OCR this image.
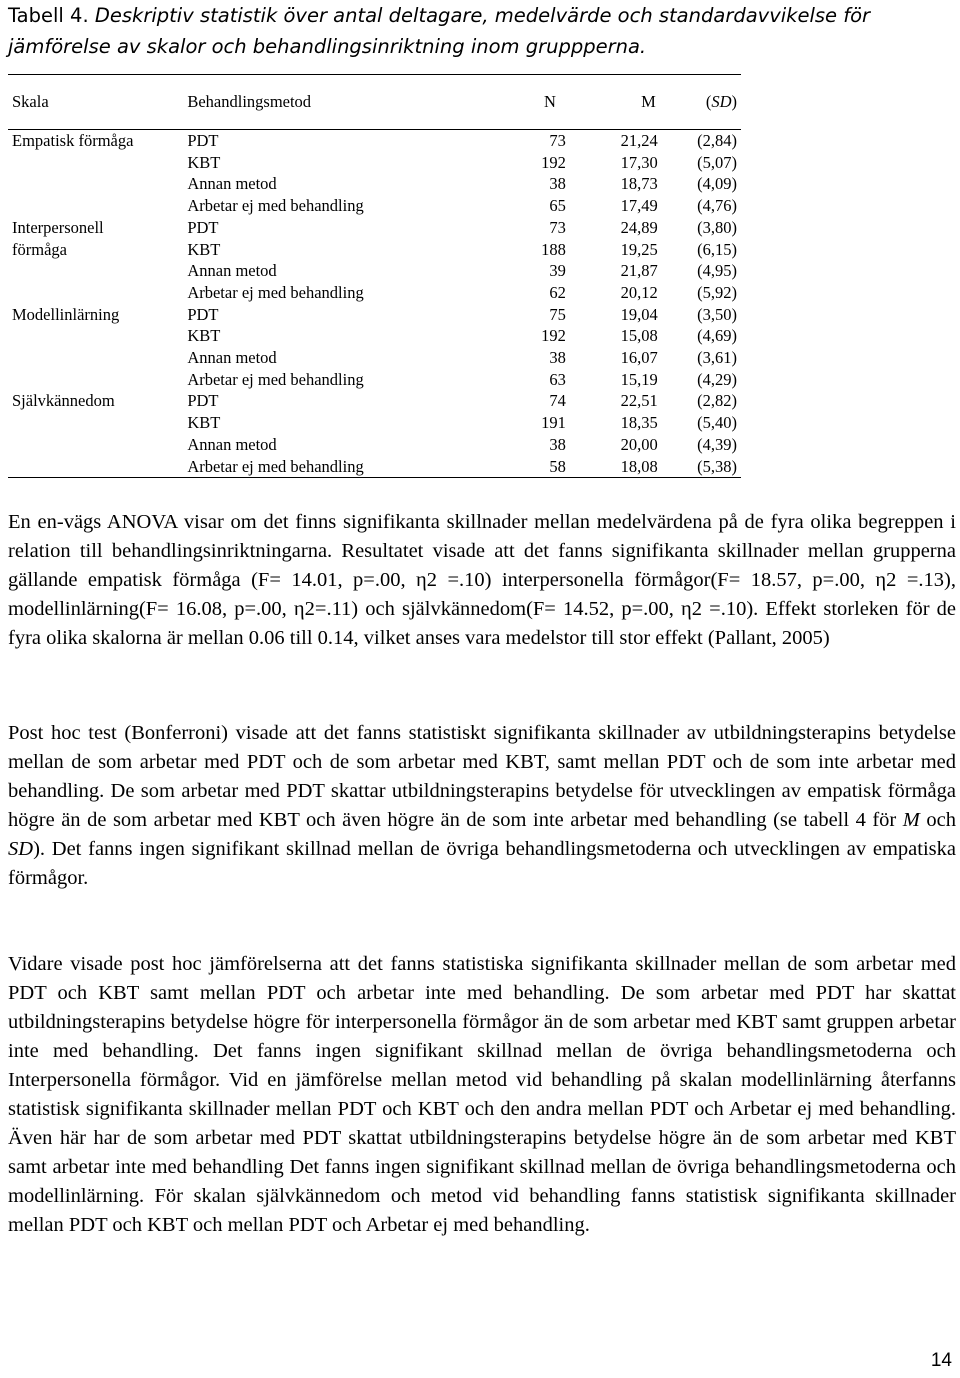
Tabell 4. Deskriptiv statistik över antal deltagare, medelvärde och standardavvikelse för jämförelse av skalor och behandlingsinriktning inom gruppperna.
Skala	Behandlingsmetod	N	M	(SD)
Empatisk förmåga	PDT	73	21,24	(2,84)
	KBT	192	17,30	(5,07)
	Annan metod	38	18,73	(4,09)
	Arbetar ej med behandling	65	17,49	(4,76)
Interpersonell	PDT	73	24,89	(3,80)
förmåga	KBT	188	19,25	(6,15)
	Annan metod	39	21,87	(4,95)
	Arbetar ej med behandling	62	20,12	(5,92)
Modellinlärning	PDT	75	19,04	(3,50)
	KBT	192	15,08	(4,69)
	Annan metod	38	16,07	(3,61)
	Arbetar ej med behandling	63	15,19	(4,29)
Självkännedom	PDT	74	22,51	(2,82)
	KBT	191	18,35	(5,40)
	Annan metod	38	20,00	(4,39)
	Arbetar ej med behandling	58	18,08	(5,38)
En en-vägs ANOVA visar om det finns signifikanta skillnader mellan medelvärdena på de fyra olika begreppen i relation till behandlingsinriktningarna. Resultatet visade att det fanns signifikanta skillnader mellan grupperna gällande empatisk förmåga (F= 14.01, p=.00, η2 =.10) interpersonella förmågor(F= 18.57, p=.00, η2 =.13), modellinlärning(F= 16.08, p=.00, η2=.11) och självkännedom(F= 14.52, p=.00, η2 =.10). Effekt storleken för de fyra olika skalorna är mellan 0.06 till 0.14, vilket anses vara medelstor till stor effekt (Pallant, 2005)
Post hoc test (Bonferroni) visade att det fanns statistiskt signifikanta skillnader av utbildningsterapins betydelse mellan de som arbetar med PDT och de som arbetar med KBT, samt mellan PDT och de som inte arbetar med behandling. De som arbetar med PDT skattar utbildningsterapins betydelse för utvecklingen av empatisk förmåga högre än de som arbetar med KBT och även högre än de som inte arbetar med behandling (se tabell 4 för M och SD). Det fanns ingen signifikant skillnad mellan de övriga behandlingsmetoderna och utvecklingen av empatiska förmågor.
Vidare visade post hoc jämförelserna att det fanns statistiska signifikanta skillnader mellan de som arbetar med PDT och KBT samt mellan PDT och arbetar inte med behandling. De som arbetar med PDT har skattat utbildningsterapins betydelse högre för interpersonella förmågor än de som arbetar med KBT samt gruppen arbetar inte med behandling. Det fanns ingen signifikant skillnad mellan de övriga behandlingsmetoderna och Interpersonella förmågor. Vid en jämförelse mellan metod vid behandling på skalan modellinlärning återfanns statistisk signifikanta skillnader mellan PDT och KBT och den andra mellan PDT och Arbetar ej med behandling. Även här har de som arbetar med PDT skattat utbildningsterapins betydelse högre än de som arbetar med KBT samt arbetar inte med behandling Det fanns ingen signifikant skillnad mellan de övriga behandlingsmetoderna och modellinlärning. För skalan självkännedom och metod vid behandling fanns statistisk signifikanta skillnader mellan PDT och KBT och mellan PDT och Arbetar ej med behandling.
14
